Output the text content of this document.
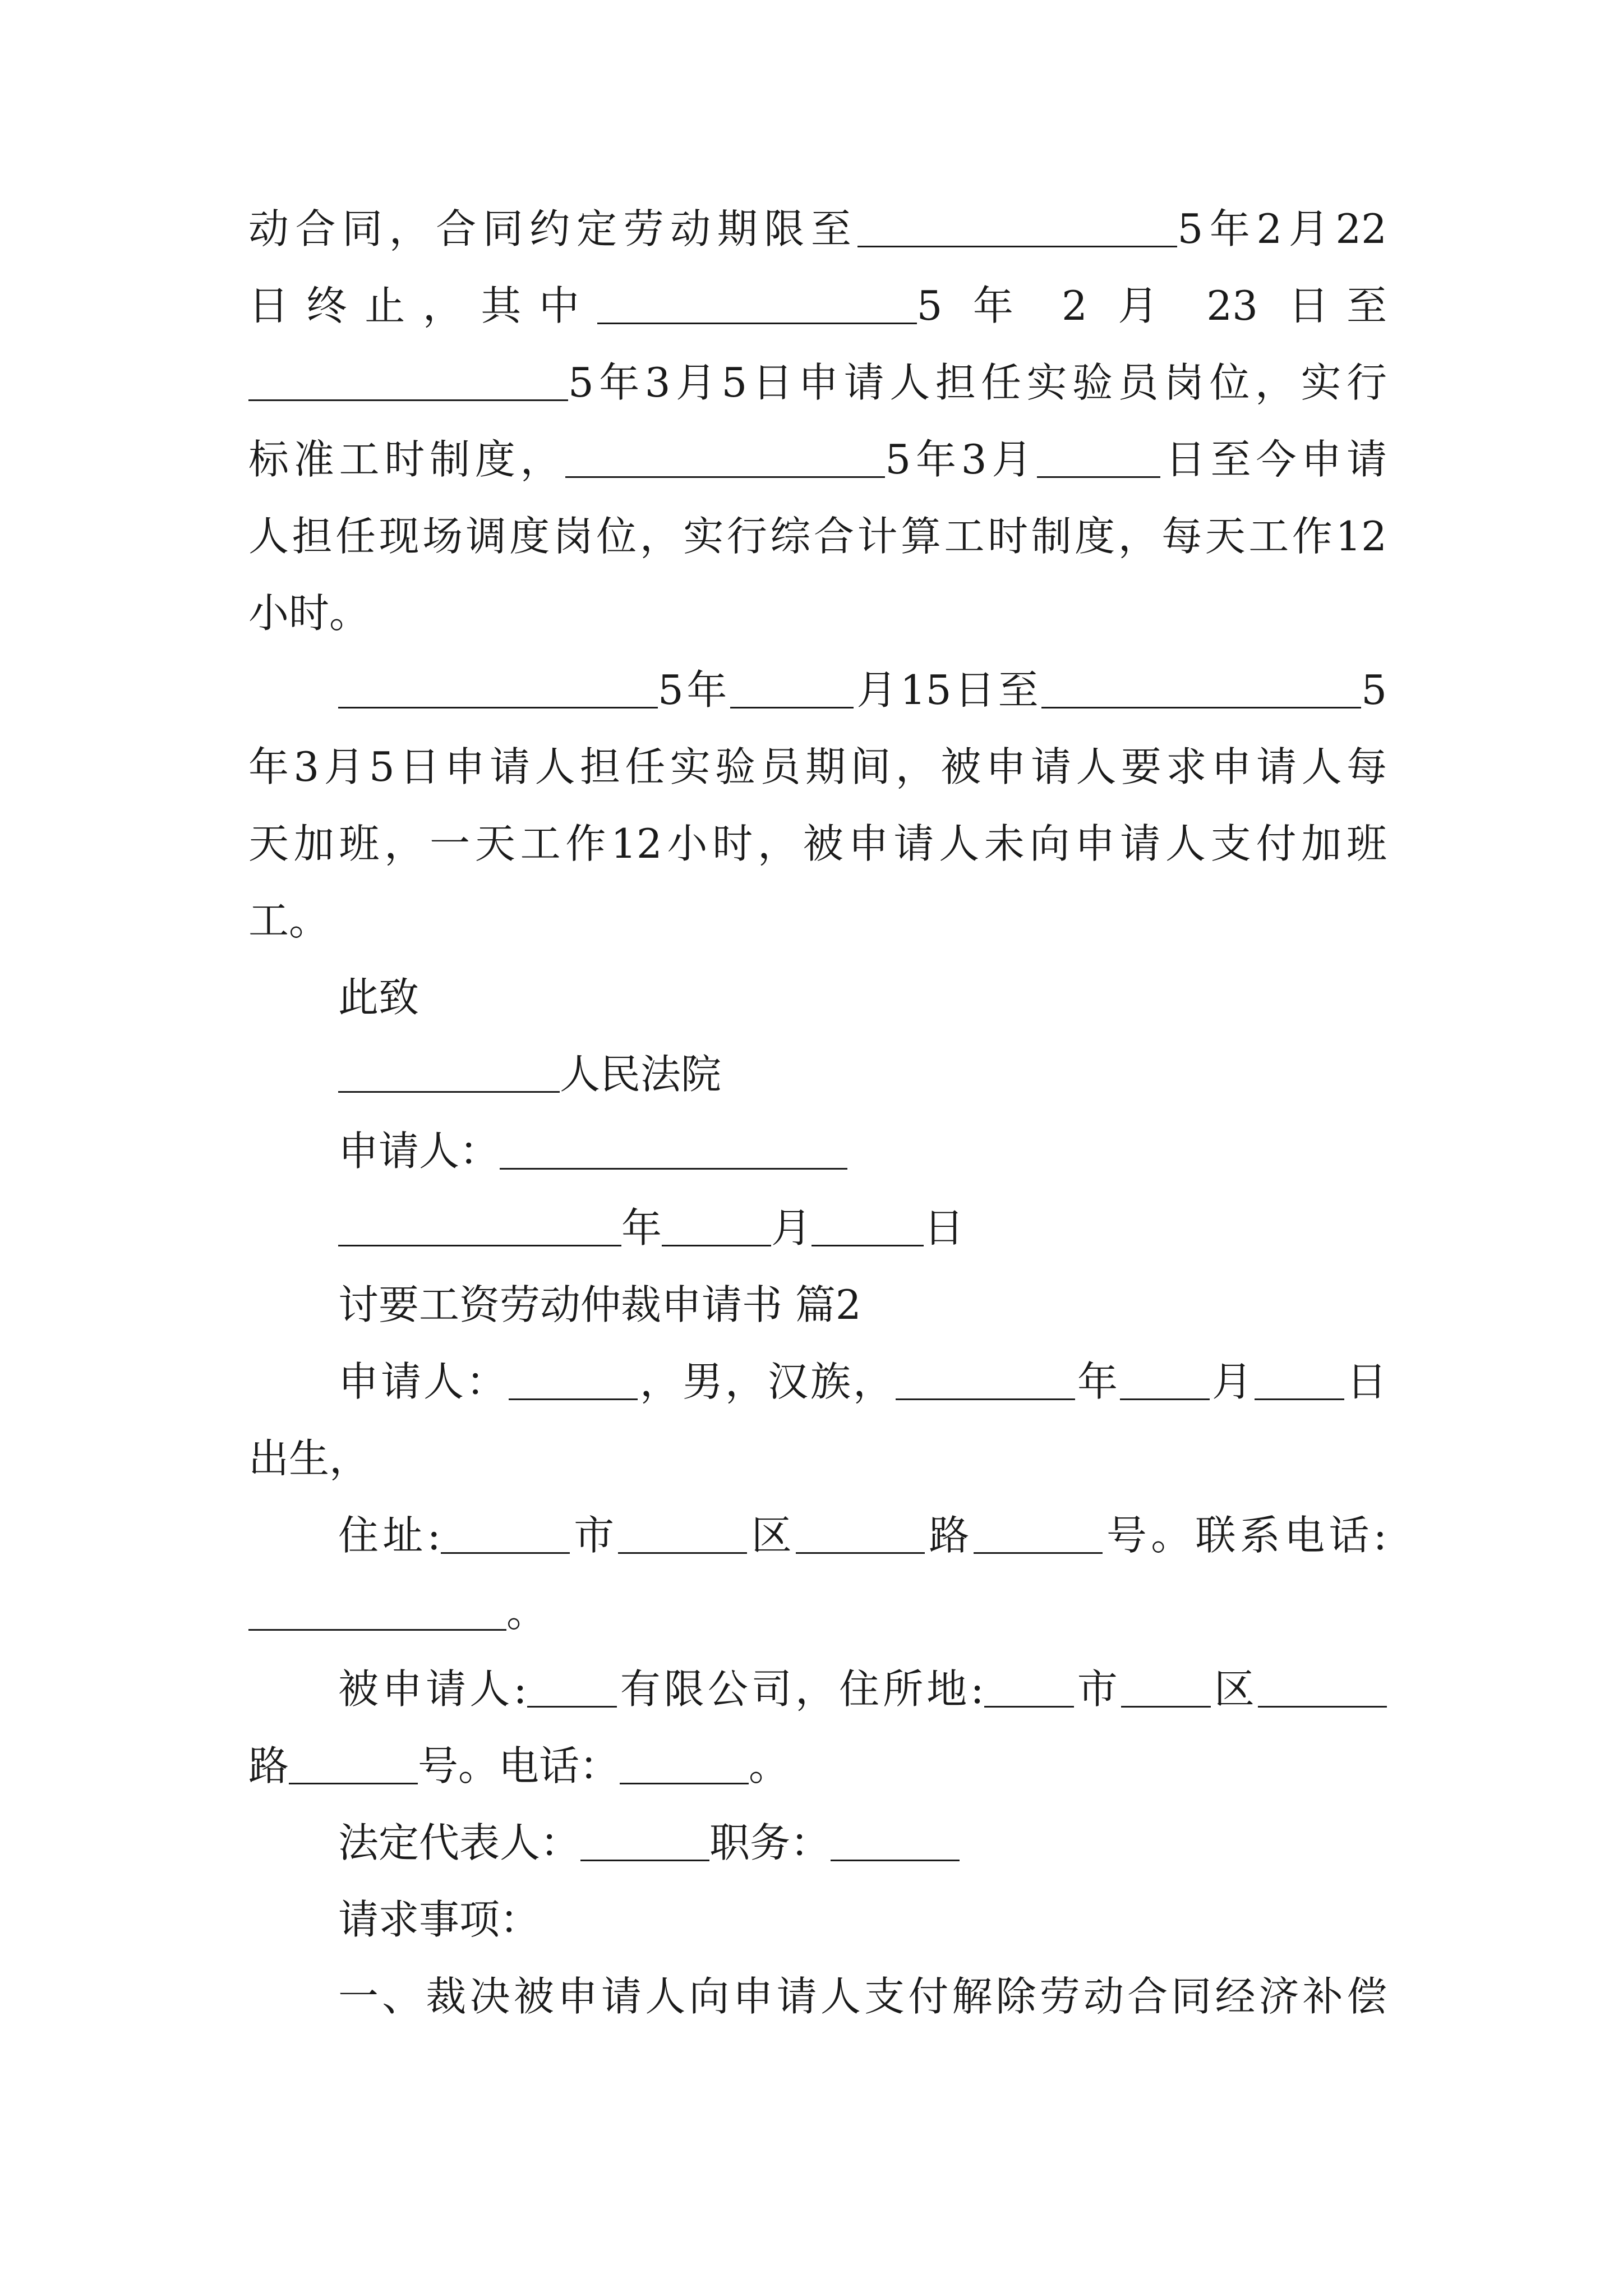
动合同，合同约定劳动期限至	5年2月22
日终止，其中	5 年 2 月 23 日至
5年3月5日申请人担任实验员岗位，实行
标准工时制度，	5年3月	日至今申请
人担任现场调度岗位，实行综合计算工时制度，每天工作12
小时。
5年	月15日至	5
年3月5日申请人担任实验员期间，被申请人要求申请人每
天加班，一天工作12小时，被申请人未向申请人支付加班
工。
此致
人民法院
申请人：
年	月	日
讨要工资劳动仲裁申请书 篇2
申请人：	，男，汉族，	年 月 日
出生，
住址:	市	区	路	号。联系电话:
。
被申请人: 有限公司，住所地: 市 区
路	号。电话：	。
法定代表人：	职务：
请求事项：
一、裁决被申请人向申请人支付解除劳动合同经济补偿
